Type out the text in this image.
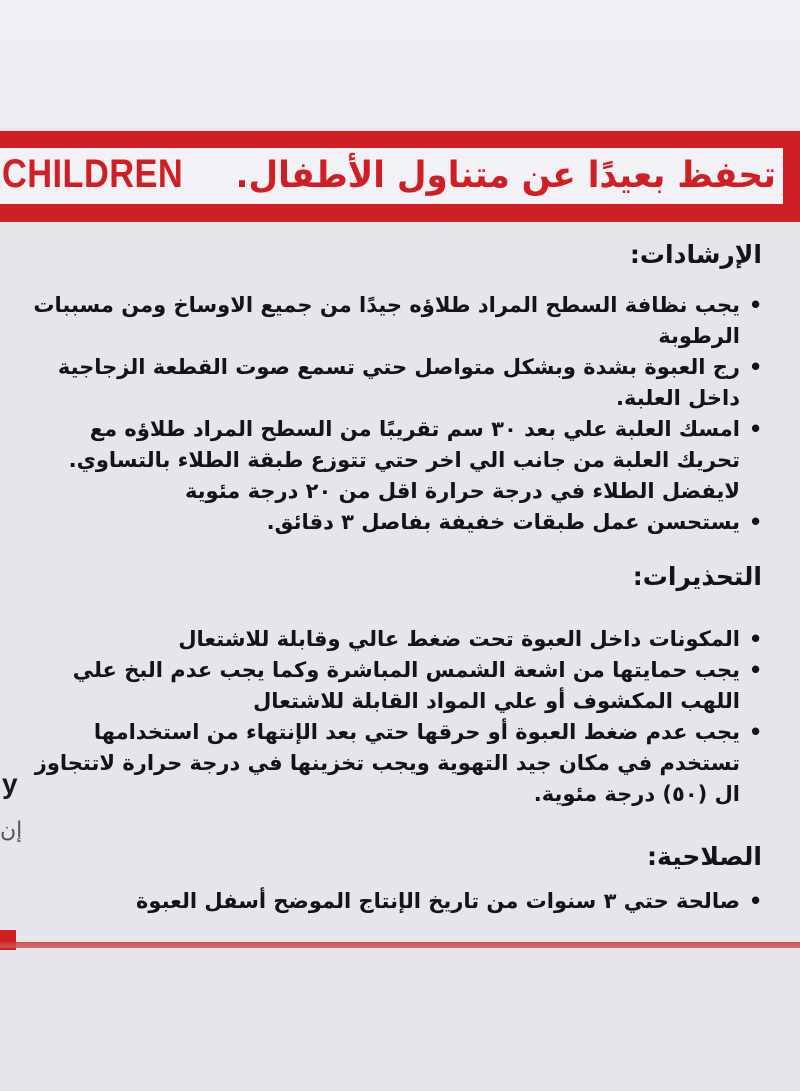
CHILDREN تحفظ بعيدًا عن متناول الأطفال.
الإرشادات:
•
يجب نظافة السطح المراد طلاؤه جيدًا من جميع الاوساخ ومن مسببات الرطوبة
•
رج العبوة بشدة وبشكل متواصل حتي تسمع صوت القطعة الزجاجية داخل العلبة.
•
امسك العلبة علي بعد ٣٠ سم تقريبًا من السطح المراد طلاؤه مع تحريك العلبة من جانب الي اخر حتي تتوزع طبقة الطلاء بالتساوي. لايفضل الطلاء في درجة حرارة اقل من ٢٠ درجة مئوية
•
يستحسن عمل طبقات خفيفة بفاصل ٣ دقائق.
التحذيرات:
•
المكونات داخل العبوة تحت ضغط عالي وقابلة للاشتعال
•
يجب حمايتها من اشعة الشمس المباشرة وكما يجب عدم البخ علي اللهب المكشوف أو علي المواد القابلة للاشتعال
•
يجب عدم ضغط العبوة أو حرقها حتي بعد الإنتهاء من استخدامها تستخدم في مكان جيد التهوية ويجب تخزينها في درجة حرارة لاتتجاوز ال (٥٠) درجة مئوية.
الصلاحية:
•
صالحة حتي ٣ سنوات من تاريخ الإنتاج الموضح أسفل العبوة
y
إن
